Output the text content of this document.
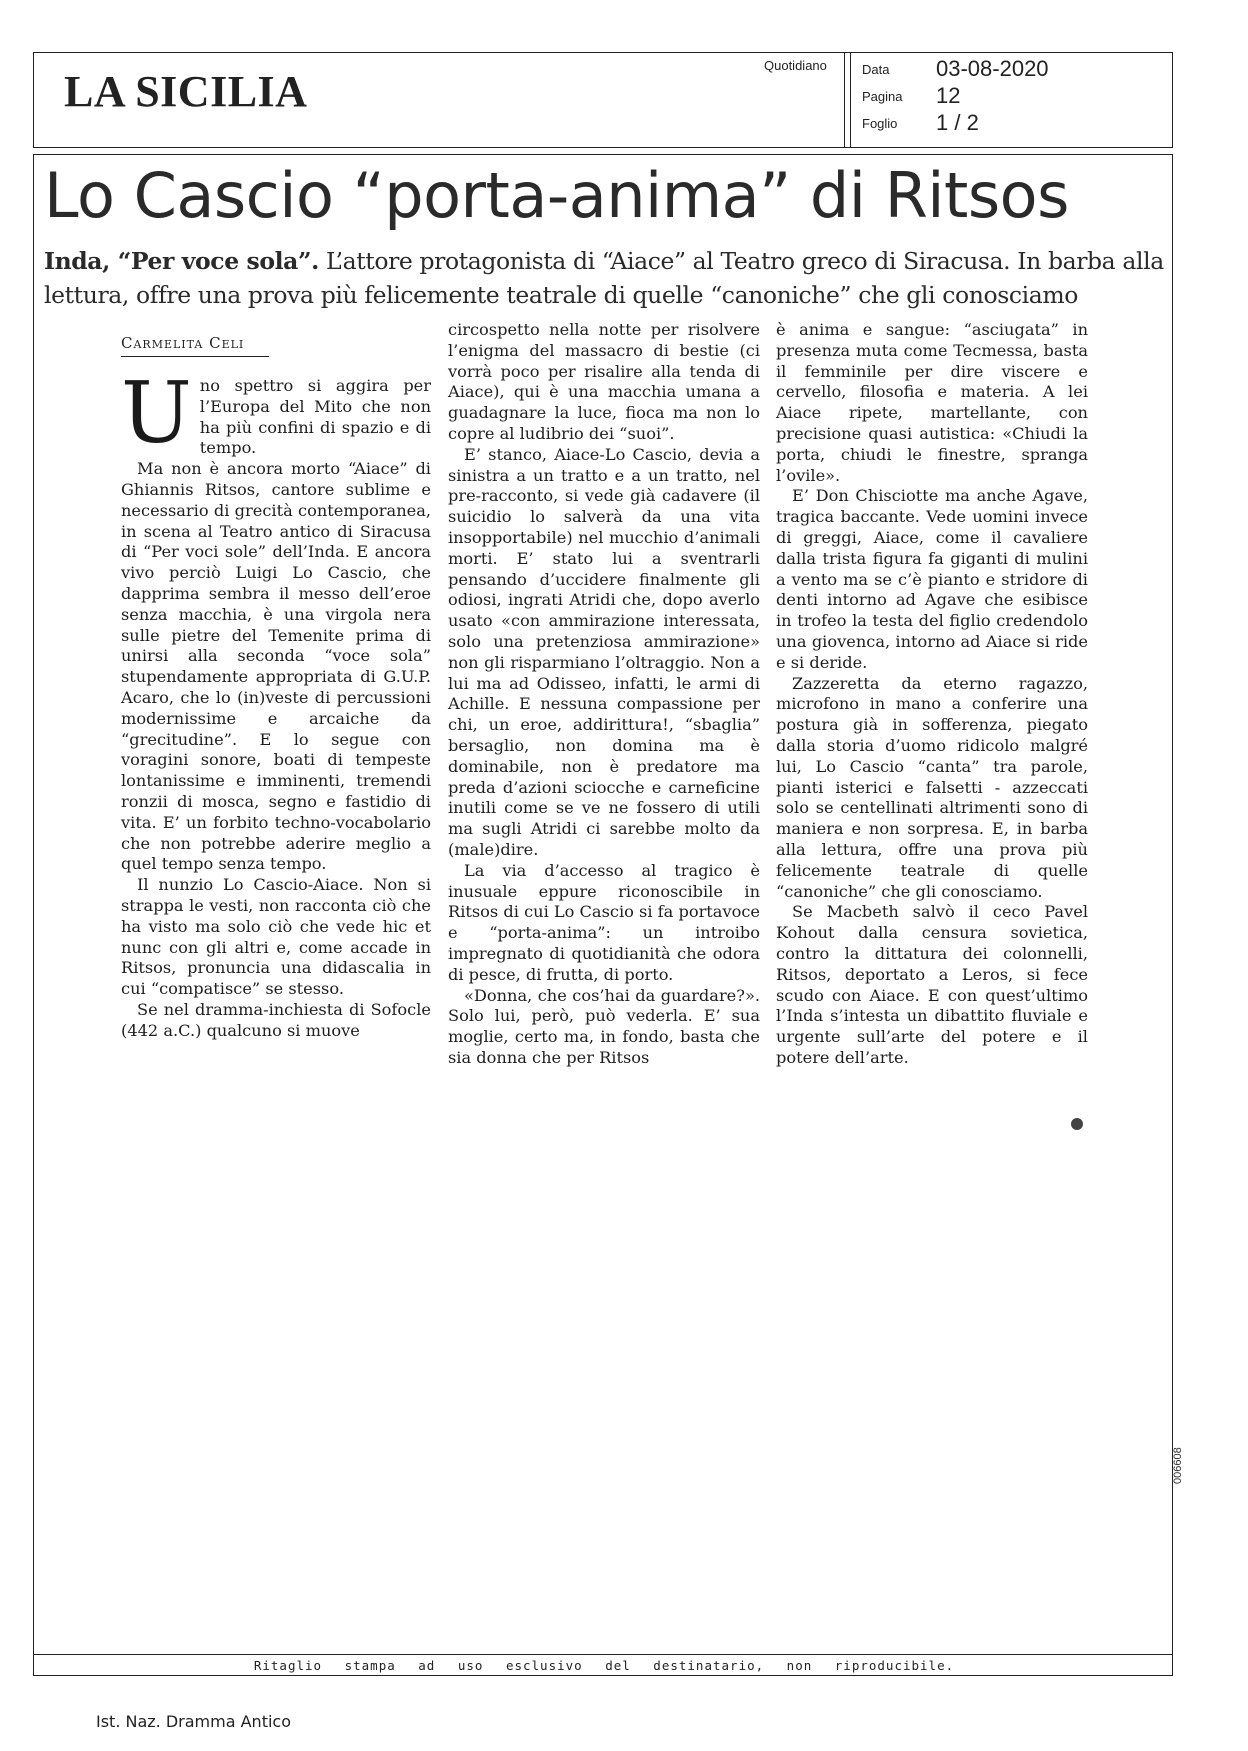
LA SICILIA
Quotidiano	Data 03-08-2020
Pagina 12
Foglio 1 / 2
Lo Cascio “porta-anima” di Ritsos
Inda, “Per voce sola”. L’attore protagonista di “Aiace” al Teatro greco di Siracusa. In barba alla lettura, offre una prova più felicemente teatrale di quelle “canoniche” che gli conosciamo
Carmelita Celi

Uno spettro si aggira per l’Europa del Mito che non ha più confini di spazio e di tempo.

Ma non è ancora morto “Aiace” di Ghiannis Ritsos, cantore sublime e necessario di grecità contemporanea, in scena al Teatro antico di Siracusa di “Per voci sole” dell’Inda. E ancora vivo perciò Luigi Lo Cascio, che dapprima sembra il messo dell’eroe senza macchia, è una virgola nera sulle pietre del Temenite prima di unirsi alla seconda “voce sola” stupendamente appropriata di G.U.P. Acaro, che lo (in)veste di percussioni modernissime e arcaiche da “grecitudine”. E lo segue con voragini sonore, boati di tempeste lontanissime e imminenti, tremendi ronzii di mosca, segno e fastidio di vita. E’ un forbito techno-vocabolario che non potrebbe aderire meglio a quel tempo senza tempo.

Il nunzio Lo Cascio-Aiace. Non si strappa le vesti, non racconta ciò che ha visto ma solo ciò che vede hic et nunc con gli altri e, come accade in Ritsos, pronuncia una didascalia in cui “compatisce” se stesso.

Se nel dramma-inchiesta di Sofocle (442 a.C.) qualcuno si muove

circospetto nella notte per risolvere l’enigma del massacro di bestie (ci vorrà poco per risalire alla tenda di Aiace), qui è una macchia umana a guadagnare la luce, fioca ma non lo copre al ludibrio dei “suoi”.

E’ stanco, Aiace-Lo Cascio, devia a sinistra a un tratto e a un tratto, nel pre-racconto, si vede già cadavere (il suicidio lo salverà da una vita insopportabile) nel mucchio d’animali morti. E’ stato lui a sventrarli pensando d’uccidere finalmente gli odiosi, ingrati Atridi che, dopo averlo usato «con ammirazione interessata, solo una pretenziosa ammirazione» non gli risparmiano l’oltraggio. Non a lui ma ad Odisseo, infatti, le armi di Achille. E nessuna compassione per chi, un eroe, addirittura!, “sbaglia” bersaglio, non domina ma è dominabile, non è predatore ma preda d’azioni sciocche e carneficine inutili come se ve ne fossero di utili ma sugli Atridi ci sarebbe molto da (male)dire.

La via d’accesso al tragico è inusuale eppure riconoscibile in Ritsos di cui Lo Cascio si fa portavoce e “porta-anima”: un introibo impregnato di quotidianità che odora di pesce, di frutta, di porto.

«Donna, che cos’hai da guardare?». Solo lui, però, può vederla. E’ sua moglie, certo ma, in fondo, basta che sia donna che per Ritsos

è anima e sangue: “asciugata” in presenza muta come Tecmessa, basta il femminile per dire viscere e cervello, filosofia e materia. A lei Aiace ripete, martellante, con precisione quasi autistica: «Chiudi la porta, chiudi le finestre, spranga l’ovile».

E’ Don Chisciotte ma anche Agave, tragica baccante. Vede uomini invece di greggi, Aiace, come il cavaliere dalla trista figura fa giganti di mulini a vento ma se c’è pianto e stridore di denti intorno ad Agave che esibisce in trofeo la testa del figlio credendolo una giovenca, intorno ad Aiace si ride e si deride.

Zazzeretta da eterno ragazzo, microfono in mano a conferire una postura già in sofferenza, piegato dalla storia d’uomo ridicolo malgré lui, Lo Cascio “canta” tra parole, pianti isterici e falsetti - azzeccati solo se centellinati altrimenti sono di maniera e non sorpresa. E, in barba alla lettura, offre una prova più felicemente teatrale di quelle “canoniche” che gli conosciamo.

Se Macbeth salvò il ceco Pavel Kohout dalla censura sovietica, contro la dittatura dei colonnelli, Ritsos, deportato a Leros, si fece scudo con Aiace. E con quest’ultimo l’Inda s’intesta un dibattito fluviale e urgente sull’arte del potere e il potere dell’arte.

006608
Ritaglio stampa ad uso esclusivo del destinatario, non riproducibile.
Ist. Naz. Dramma Antico
